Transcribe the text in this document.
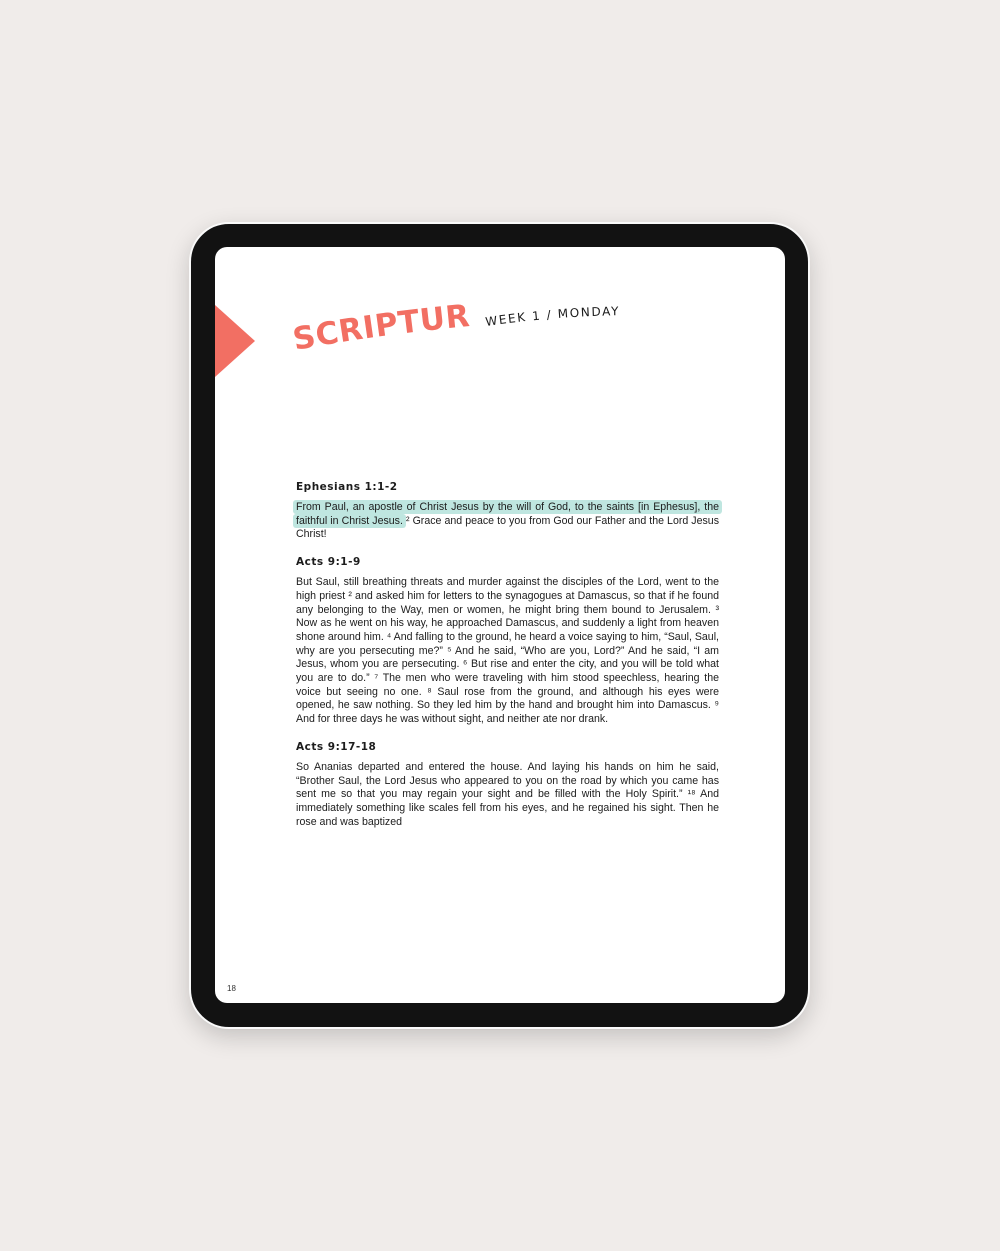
SCRIPTURE
WEEK 1 / MONDAY
Ephesians 1:1-2

From Paul, an apostle of Christ Jesus by the will of God, to the saints [in Ephesus], the faithful in Christ Jesus. ² Grace and peace to you from God our Father and the Lord Jesus Christ!

Acts 9:1-9

But Saul, still breathing threats and murder against the disciples of the Lord, went to the high priest ² and asked him for letters to the synagogues at Damascus, so that if he found any belonging to the Way, men or women, he might bring them bound to Jerusalem. ³ Now as he went on his way, he approached Damascus, and suddenly a light from heaven shone around him. ⁴ And falling to the ground, he heard a voice saying to him, “Saul, Saul, why are you persecuting me?” ⁵ And he said, “Who are you, Lord?” And he said, “I am Jesus, whom you are persecuting. ⁶ But rise and enter the city, and you will be told what you are to do.” ⁷ The men who were traveling with him stood speechless, hearing the voice but seeing no one. ⁸ Saul rose from the ground, and although his eyes were opened, he saw nothing. So they led him by the hand and brought him into Damascus. ⁹ And for three days he was without sight, and neither ate nor drank.

Acts 9:17-18

So Ananias departed and entered the house. And laying his hands on him he said, “Brother Saul, the Lord Jesus who appeared to you on the road by which you came has sent me so that you may regain your sight and be filled with the Holy Spirit.” ¹⁸ And immediately something like scales fell from his eyes, and he regained his sight. Then he rose and was baptized

18
